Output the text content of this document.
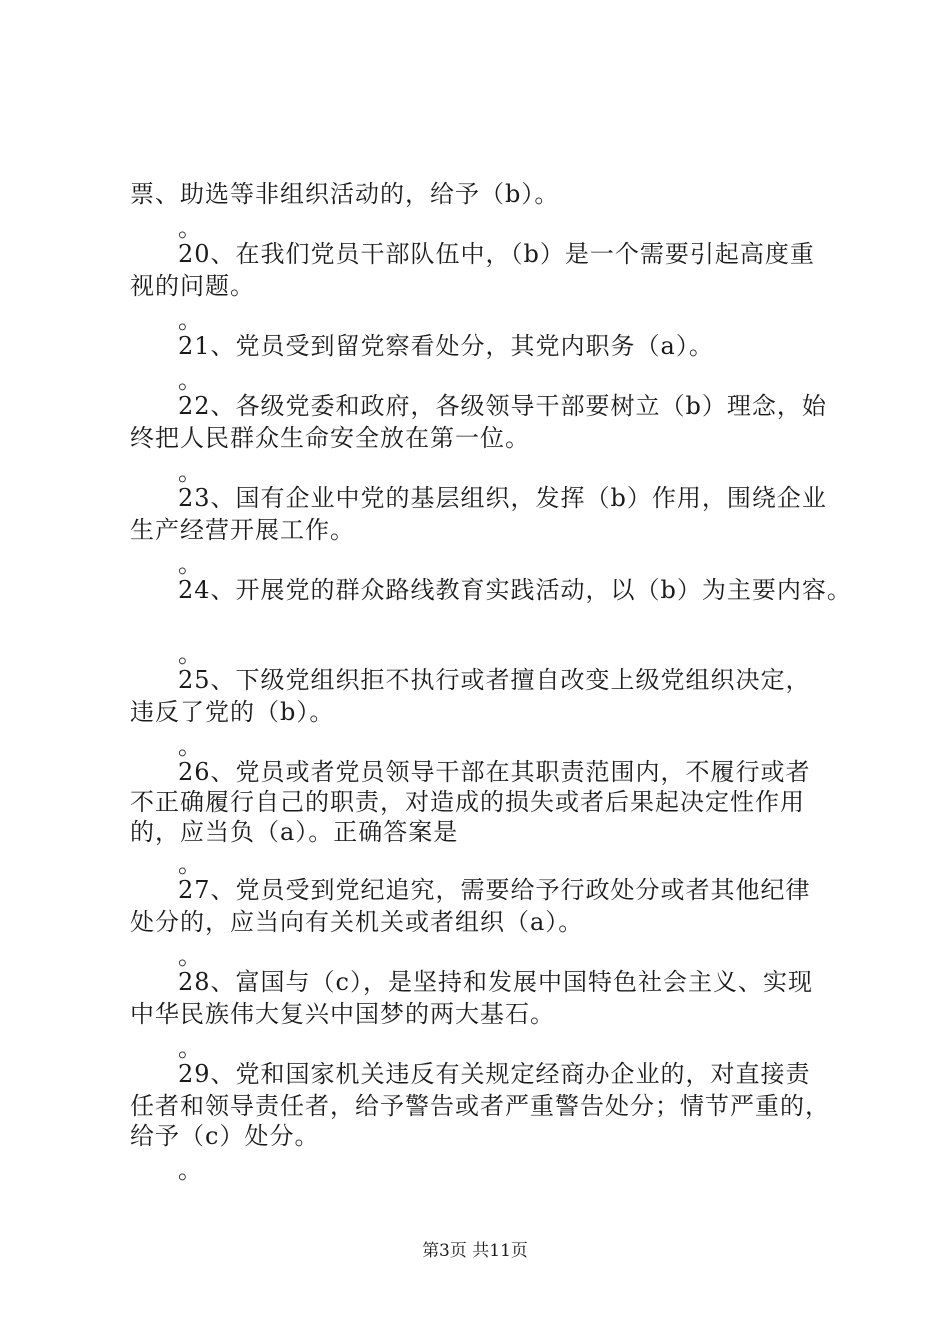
票、助选等非组织活动的，给予（b）。
。
20、在我们党员干部队伍中，（b）是一个需要引起高度重
视的问题。
。
21、党员受到留党察看处分，其党内职务（a）。
。
22、各级党委和政府，各级领导干部要树立（b）理念，始
终把人民群众生命安全放在第一位。
。
23、国有企业中党的基层组织，发挥（b）作用，围绕企业
生产经营开展工作。
。
24、开展党的群众路线教育实践活动，以（b）为主要内容。
。
25、下级党组织拒不执行或者擅自改变上级党组织决定，
违反了党的（b）。
。
26、党员或者党员领导干部在其职责范围内，不履行或者
不正确履行自己的职责，对造成的损失或者后果起决定性作用
的，应当负（a）。正确答案是
。
27、党员受到党纪追究，需要给予行政处分或者其他纪律
处分的，应当向有关机关或者组织（a）。
。
28、富国与（c），是坚持和发展中国特色社会主义、实现
中华民族伟大复兴中国梦的两大基石。
。
29、党和国家机关违反有关规定经商办企业的，对直接责
任者和领导责任者，给予警告或者严重警告处分；情节严重的，
给予（c）处分。
。
第3页 共11页
